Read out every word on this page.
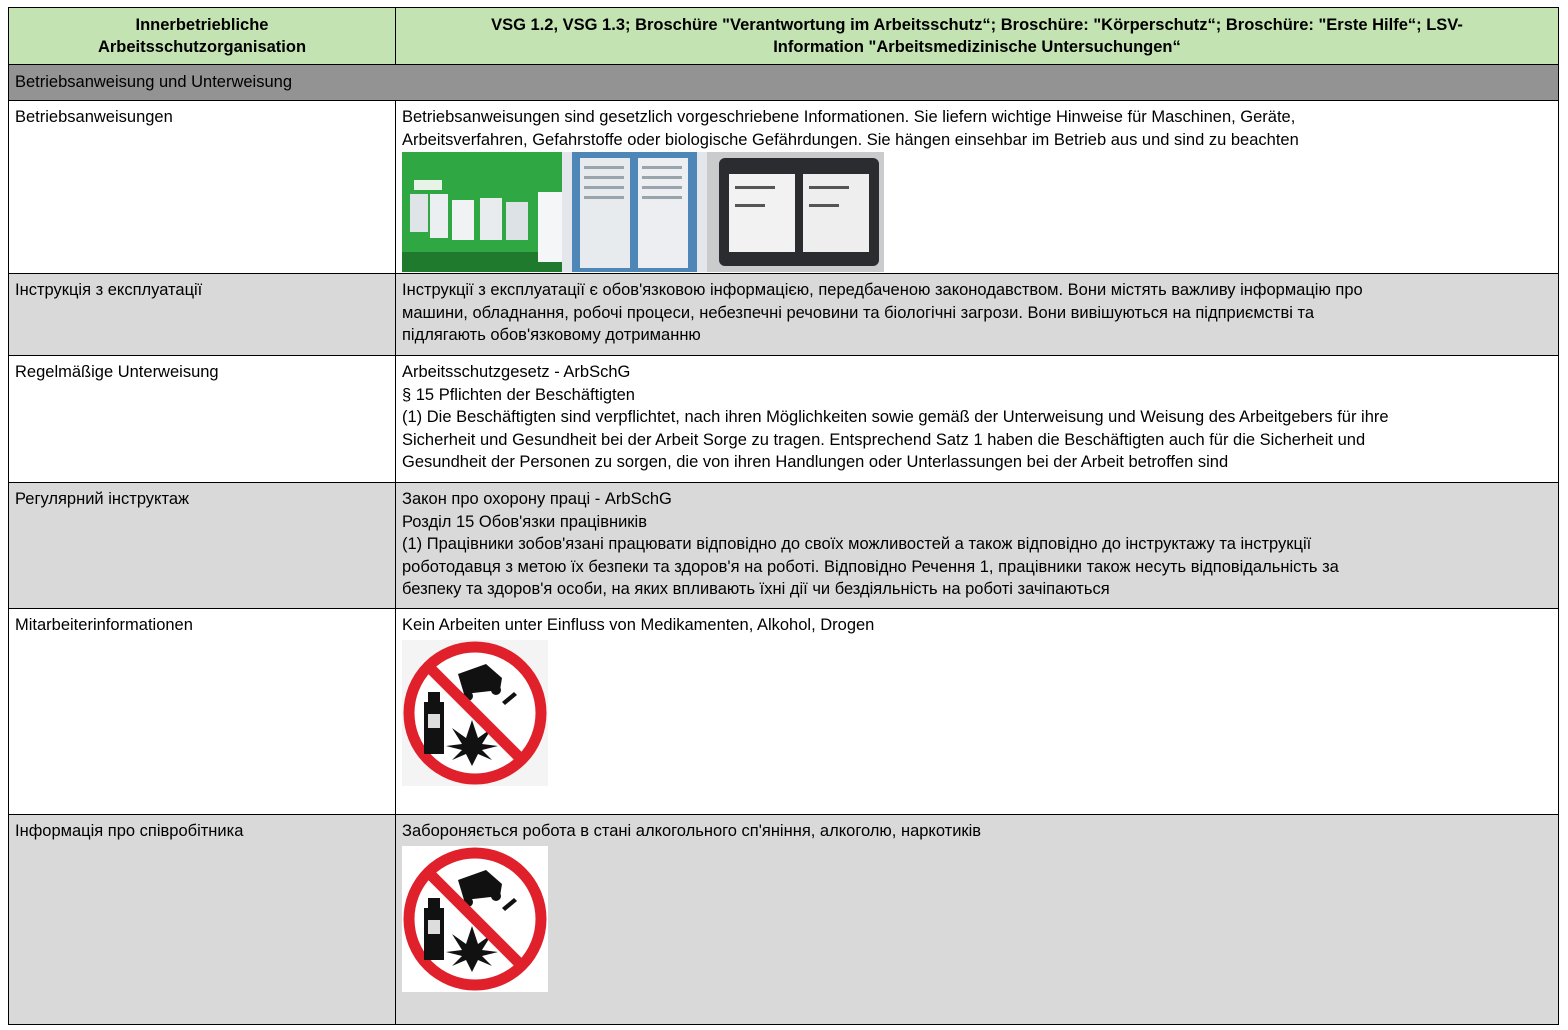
Innerbetriebliche
Arbeitsschutzorganisation	VSG 1.2, VSG 1.3; Broschüre "Verantwortung im Arbeitsschutz“; Broschüre: "Körperschutz“; Broschüre: "Erste Hilfe“; LSV-
Information "Arbeitsmedizinische Untersuchungen“

Betriebsanweisung und Unterweisung	
Betriebsanweisungen	Betriebsanweisungen sind gesetzlich vorgeschriebene Informationen. Sie liefern wichtige Hinweise für Maschinen, Geräte,
Arbeitsverfahren, Gefahrstoffe oder biologische Gefährdungen. Sie hängen einsehbar im Betrieb aus und sind zu beachten

Інструкція з експлуатації	Інструкції з експлуатації є обов'язковою інформацією, передбаченою законодавством. Вони містять важливу інформацію про
машини, обладнання, робочі процеси, небезпечні речовини та біологічні загрози. Вони вивішуються на підприємстві та
підлягають обов'язковому дотриманню

Regelmäßige Unterweisung	Arbeitsschutzgesetz - ArbSchG
§ 15 Pflichten der Beschäftigten
(1) Die Beschäftigten sind verpflichtet, nach ihren Möglichkeiten sowie gemäß der Unterweisung und Weisung des Arbeitgebers für ihre
Sicherheit und Gesundheit bei der Arbeit Sorge zu tragen. Entsprechend Satz 1 haben die Beschäftigten auch für die Sicherheit und
Gesundheit der Personen zu sorgen, die von ihren Handlungen oder Unterlassungen bei der Arbeit betroffen sind

Регулярний інструктаж	Закон про охорону праці - ArbSchG
Розділ 15 Обов'язки працівників
(1) Працівники зобов'язані працювати відповідно до своїх можливостей а також відповідно до інструктажу та інструкції
роботодавця з метою їх безпеки та здоров'я на роботі. Відповідно Речення 1, працівники також несуть відповідальність за
безпеку та здоров'я особи, на яких впливають їхні дії чи бездіяльність на роботі зачіпаються

Mitarbeiterinformationen	Kein Arbeiten unter Einfluss von Medikamenten, Alkohol, Drogen

Інформація про співробітника	Забороняється робота в стані алкогольного сп'яніння, алкоголю, наркотиків
